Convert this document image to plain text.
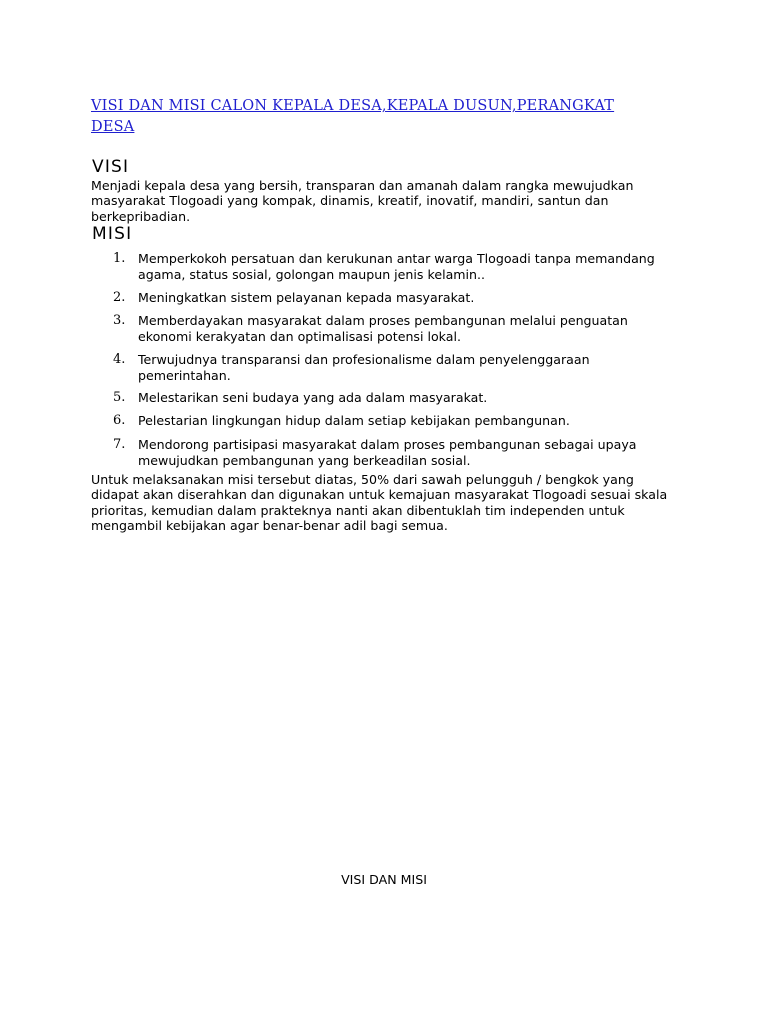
VISI DAN MISI CALON KEPALA DESA,KEPALA DUSUN,PERANGKAT DESA
VISI

Menjadi kepala desa yang bersih, transparan dan amanah dalam rangka mewujudkan masyarakat Tlogoadi yang kompak, dinamis, kreatif, inovatif, mandiri, santun dan berkepribadian.

MISI
1. Memperkokoh persatuan dan kerukunan antar warga Tlogoadi tanpa memandang agama, status sosial, golongan maupun jenis kelamin..
2. Meningkatkan sistem pelayanan kepada masyarakat.
3. Memberdayakan masyarakat dalam proses pembangunan melalui penguatan ekonomi kerakyatan dan optimalisasi potensi lokal.
4. Terwujudnya transparansi dan profesionalisme dalam penyelenggaraan pemerintahan.
5. Melestarikan seni budaya yang ada dalam masyarakat.
6. Pelestarian lingkungan hidup dalam setiap kebijakan pembangunan.
7. Mendorong partisipasi masyarakat dalam proses pembangunan sebagai upaya mewujudkan pembangunan yang berkeadilan sosial.

Untuk melaksanakan misi tersebut diatas, 50% dari sawah pelungguh / bengkok yang didapat akan diserahkan dan digunakan untuk kemajuan masyarakat Tlogoadi sesuai skala prioritas, kemudian dalam prakteknya nanti akan dibentuklah tim independen untuk mengambil kebijakan agar benar-benar adil bagi semua.

VISI DAN MISI
